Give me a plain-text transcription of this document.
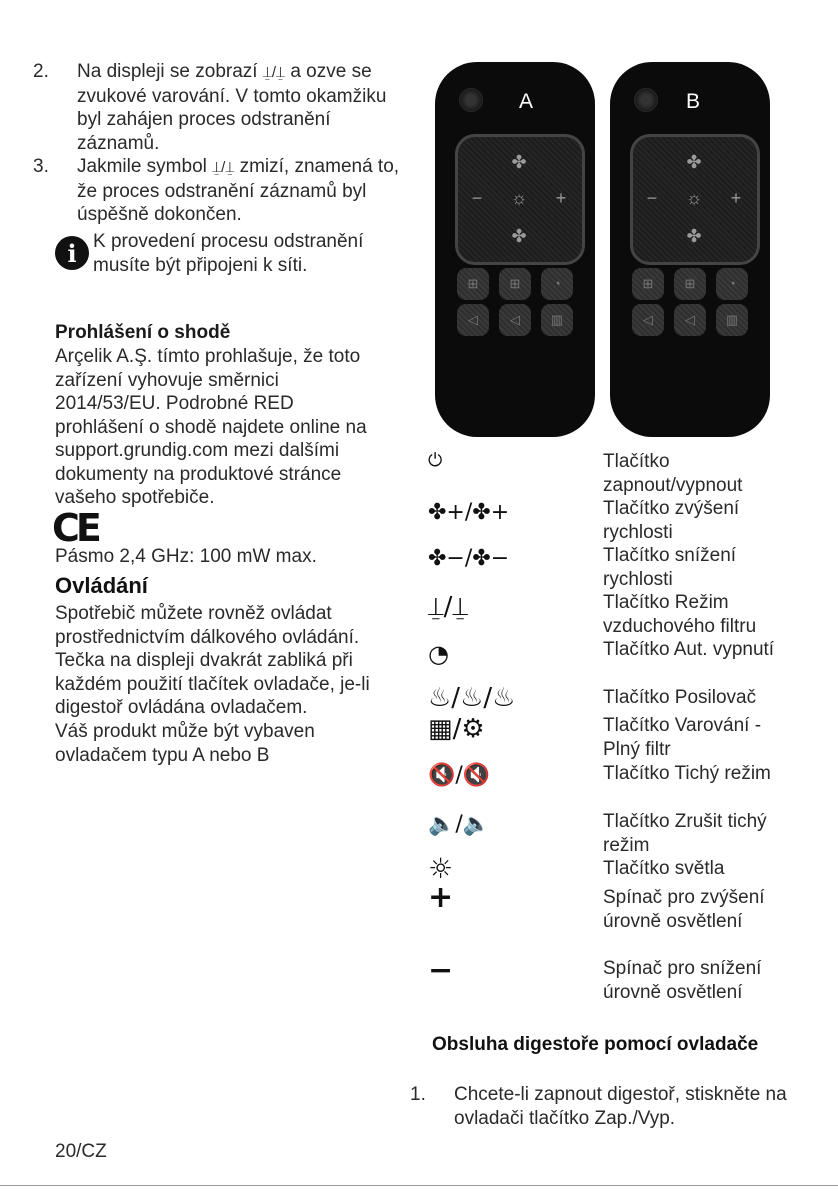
2. Na displeji se zobrazí ⍊/⍊ a ozve se zvukové varování. V tomto okamžiku byl zahájen proces odstranění záznamů.
3. Jakmile symbol ⍊/⍊ zmizí, znamená to, že proces odstranění záznamů byl úspěšně dokončen.
i K provedení procesu odstranění musíte být připojeni k síti.
Prohlášení o shodě
Arçelik A.Ş. tímto prohlašuje, že toto zařízení vyhovuje směrnici 2014/53/EU. Podrobné RED prohlášení o shodě najdete online na support.grundig.com mezi dalšími dokumenty na produktové stránce vašeho spotřebiče.
CE
Pásmo 2,4 GHz: 100 mW max.
Ovládání
Spotřebič můžete rovněž ovládat prostřednictvím dálkového ovládání. Tečka na displeji dvakrát zabliká při každém použití tlačítek ovladače, je-li digestoř ovládána ovladačem.
Váš produkt může být vybaven ovladačem typu A nebo B
20/CZ
A
✤
−	☼	+
✤
⊞	⊞	◔
◁	◁	▥
B
✤
−	☼	+
✤
⊞	⊞	◔
◁	◁	▥
⏻	Tlačítko zapnout/vypnout
✤+/✤+	Tlačítko zvýšení rychlosti
✤−/✤−	Tlačítko snížení rychlosti
⍊/⍊	Tlačítko Režim vzduchového filtru
◔	Tlačítko Aut. vypnutí
♨/♨/♨	Tlačítko Posilovač
▦/⚙	Tlačítko Varování - Plný filtr
🔇/🔇	Tlačítko Tichý režim
🔈/🔈	Tlačítko Zrušit tichý režim
☼	Tlačítko světla
+	Spínač pro zvýšení úrovně osvětlení
−	Spínač pro snížení úrovně osvětlení
Obsluha digestoře pomocí ovladače
1. Chcete-li zapnout digestoř, stiskněte na ovladači tlačítko Zap./Vyp.
